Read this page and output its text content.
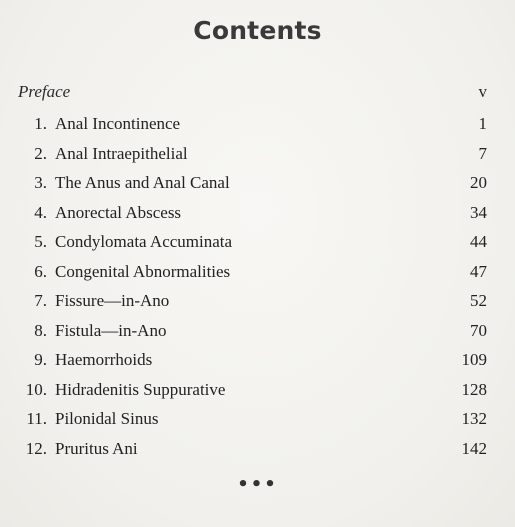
Contents
Preface	v
1. Anal Incontinence	1
2. Anal Intraepithelial	7
3. The Anus and Anal Canal	20
4. Anorectal Abscess	34
5. Condylomata Accuminata	44
6. Congenital Abnormalities	47
7. Fissure—in-Ano	52
8. Fistula—in-Ano	70
9. Haemorrhoids	109
10. Hidradenitis Suppurative	128
11. Pilonidal Sinus	132
12. Pruritus Ani	142
•••
